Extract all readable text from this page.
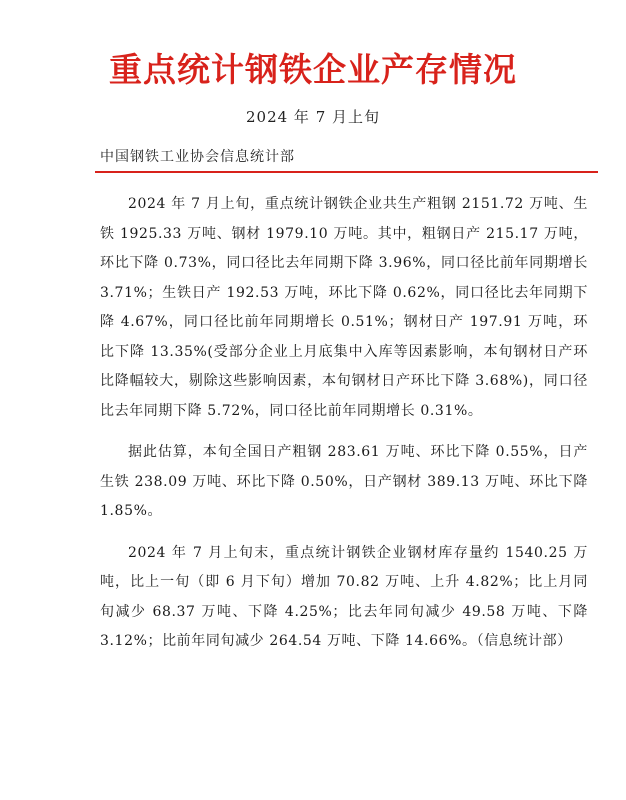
重点统计钢铁企业产存情况
2024 年 7 月上旬
中国钢铁工业协会信息统计部

2024 年 7 月上旬，重点统计钢铁企业共生产粗钢 2151.72 万吨、生铁 1925.33 万吨、钢材 1979.10 万吨。其中，粗钢日产 215.17 万吨，环比下降 0.73%，同口径比去年同期下降 3.96%，同口径比前年同期增长 3.71%；生铁日产 192.53 万吨，环比下降 0.62%，同口径比去年同期下降 4.67%，同口径比前年同期增长 0.51%；钢材日产 197.91 万吨，环比下降 13.35%(受部分企业上月底集中入库等因素影响，本旬钢材日产环比降幅较大，剔除这些影响因素，本旬钢材日产环比下降 3.68%)，同口径比去年同期下降 5.72%，同口径比前年同期增长 0.31%。

据此估算，本旬全国日产粗钢 283.61 万吨、环比下降 0.55%，日产生铁 238.09 万吨、环比下降 0.50%，日产钢材 389.13 万吨、环比下降 1.85%。

2024 年 7 月上旬末，重点统计钢铁企业钢材库存量约 1540.25 万吨，比上一旬（即 6 月下旬）增加 70.82 万吨、上升 4.82%；比上月同旬减少 68.37 万吨、下降 4.25%；比去年同旬减少 49.58 万吨、下降 3.12%；比前年同旬减少 264.54 万吨、下降 14.66%。（信息统计部）
